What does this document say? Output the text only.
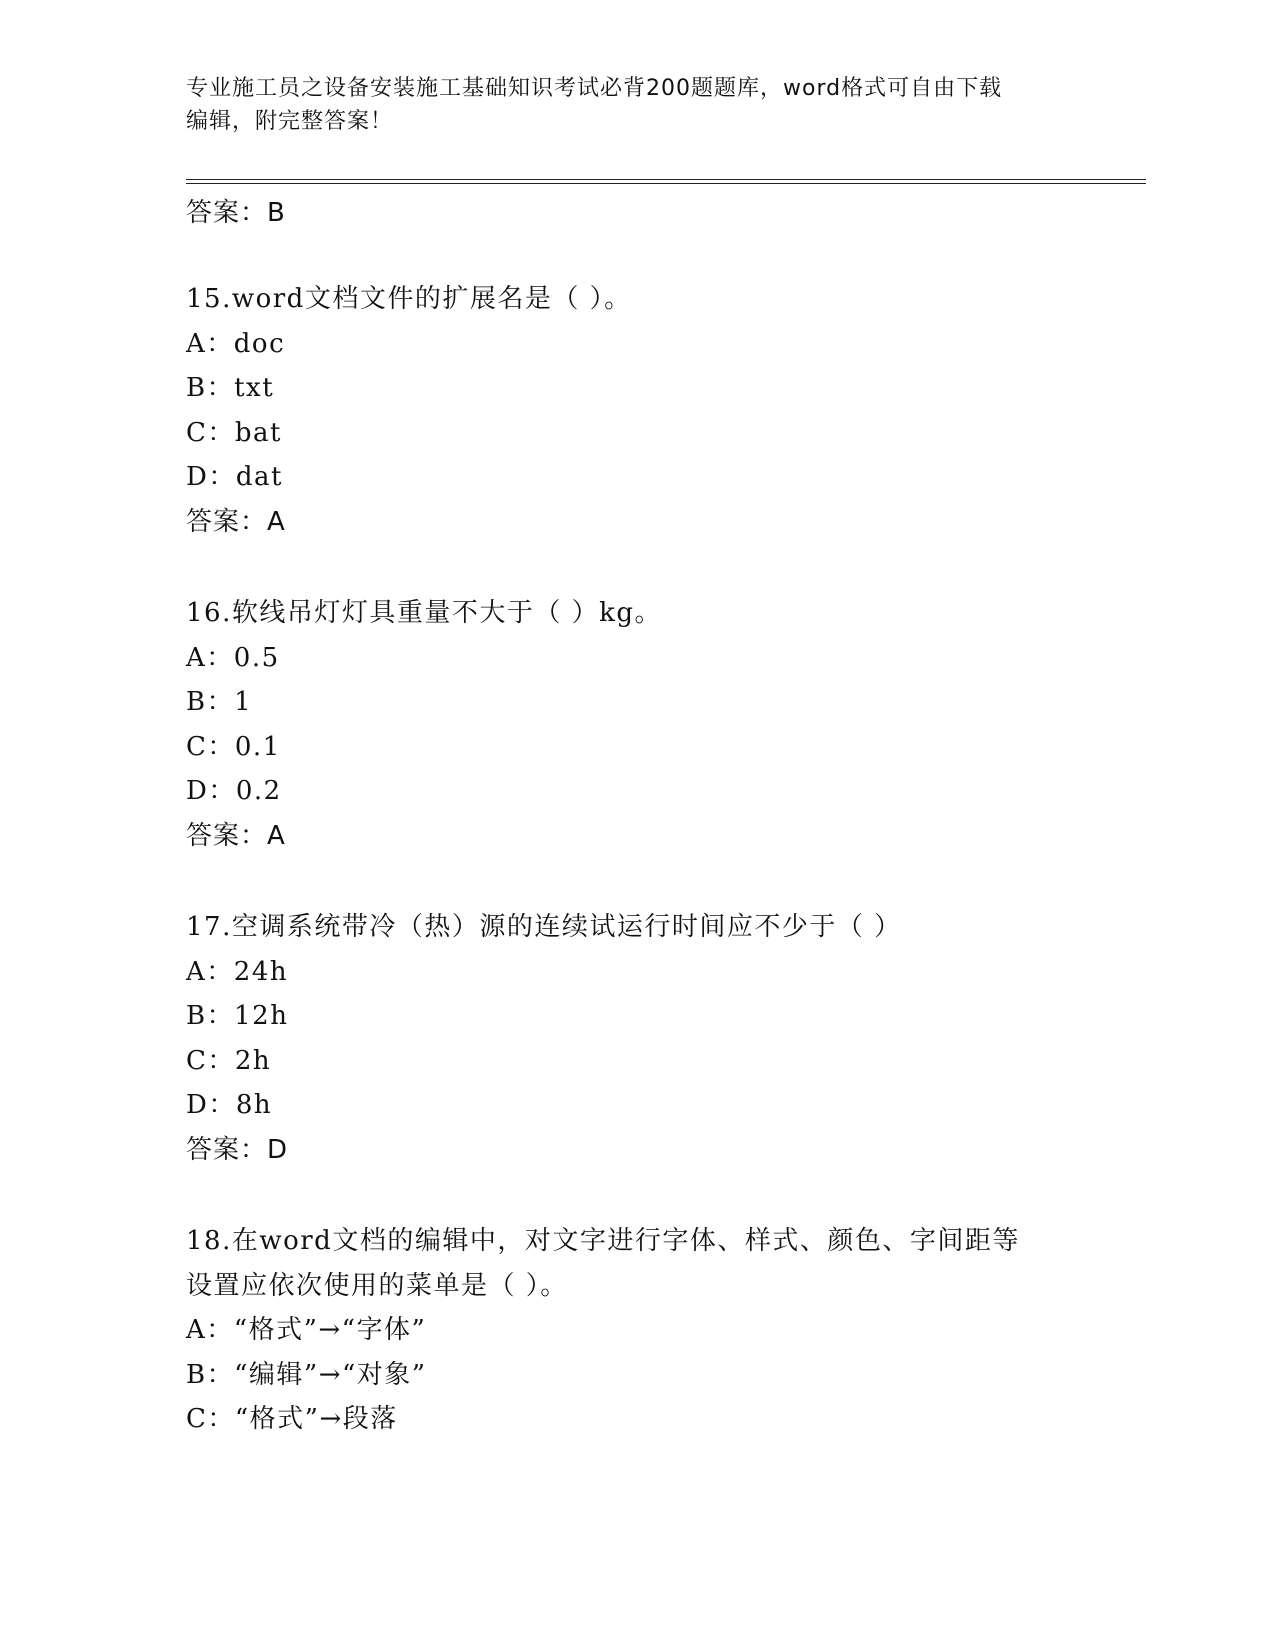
专业施工员之设备安装施工基础知识考试必背200题题库，word格式可自由下载
编辑，附完整答案！
答案：B
15.word文档文件的扩展名是（ ）。
A：doc
B：txt
C：bat
D：dat
答案：A
16.软线吊灯灯具重量不大于（ ）kg。
A：0.5
B：1
C：0.1
D：0.2
答案：A
17.空调系统带冷（热）源的连续试运行时间应不少于（ ）
A：24h
B：12h
C：2h
D：8h
答案：D
18.在word文档的编辑中，对文字进行字体、样式、颜色、字间距等
设置应依次使用的菜单是（ ）。
A：“格式”→“字体”
B：“编辑”→“对象”
C：“格式”→段落
